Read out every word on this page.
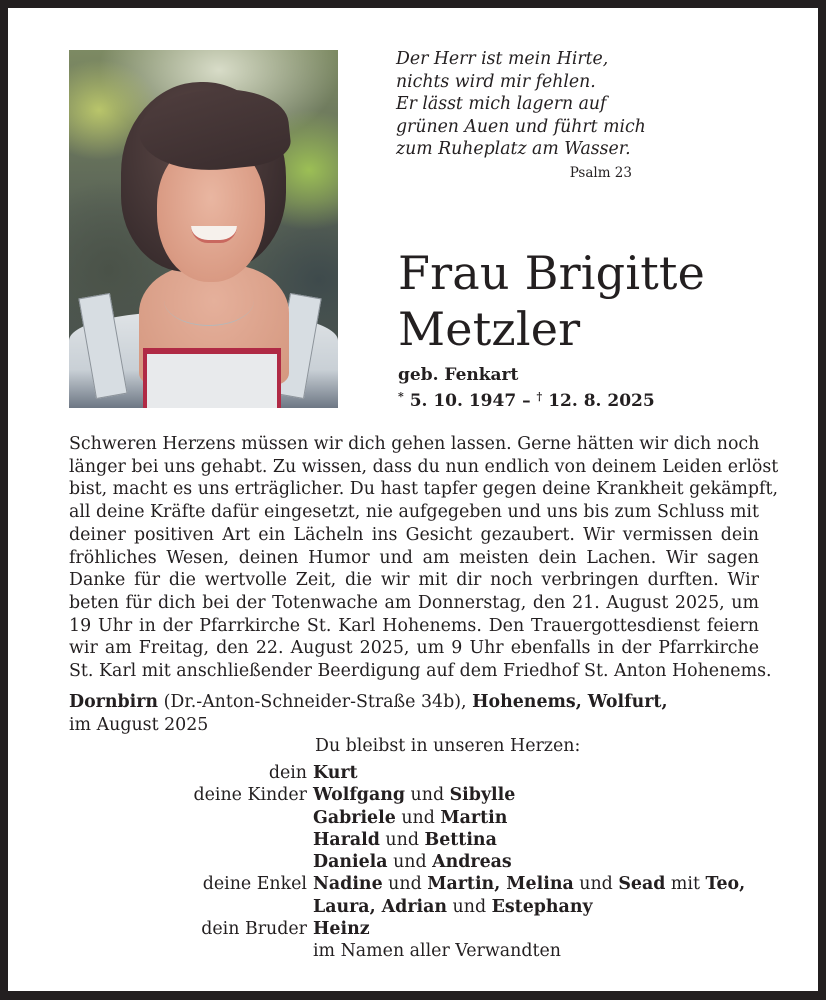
Der Herr ist mein Hirte,
nichts wird mir fehlen.
Er lässt mich lagern auf
grünen Auen und führt mich
zum Ruheplatz am Wasser.
Psalm 23
Frau Brigitte
Metzler
geb. Fenkart
* 5. 10. 1947 – † 12. 8. 2025
Schweren Herzens müssen wir dich gehen lassen. Gerne hätten wir dich noch
länger bei uns gehabt. Zu wissen, dass du nun endlich von deinem Leiden erlöst
bist, macht es uns erträglicher. Du hast tapfer gegen deine Krankheit gekämpft,
all deine Kräfte dafür eingesetzt, nie aufgegeben und uns bis zum Schluss mit
deiner positiven Art ein Lächeln ins Gesicht gezaubert. Wir vermissen dein
fröhliches Wesen, deinen Humor und am meisten dein Lachen. Wir sagen
Danke für die wertvolle Zeit, die wir mit dir noch verbringen durften. Wir
beten für dich bei der Totenwache am Donnerstag, den 21. August 2025, um
19 Uhr in der Pfarrkirche St. Karl Hohenems. Den Trauergottesdienst feiern
wir am Freitag, den 22. August 2025, um 9 Uhr ebenfalls in der Pfarrkirche
St. Karl mit anschließender Beerdigung auf dem Friedhof St. Anton Hohenems.
Dornbirn (Dr.-Anton-Schneider-Straße 34b), Hohenems, Wolfurt,
im August 2025
Du bleibst in unseren Herzen:
dein Kurt
deine Kinder Wolfgang und Sibylle
Gabriele und Martin
Harald und Bettina
Daniela und Andreas
deine Enkel Nadine und Martin, Melina und Sead mit Teo,
Laura, Adrian und Estephany
dein Bruder Heinz
im Namen aller Verwandten
